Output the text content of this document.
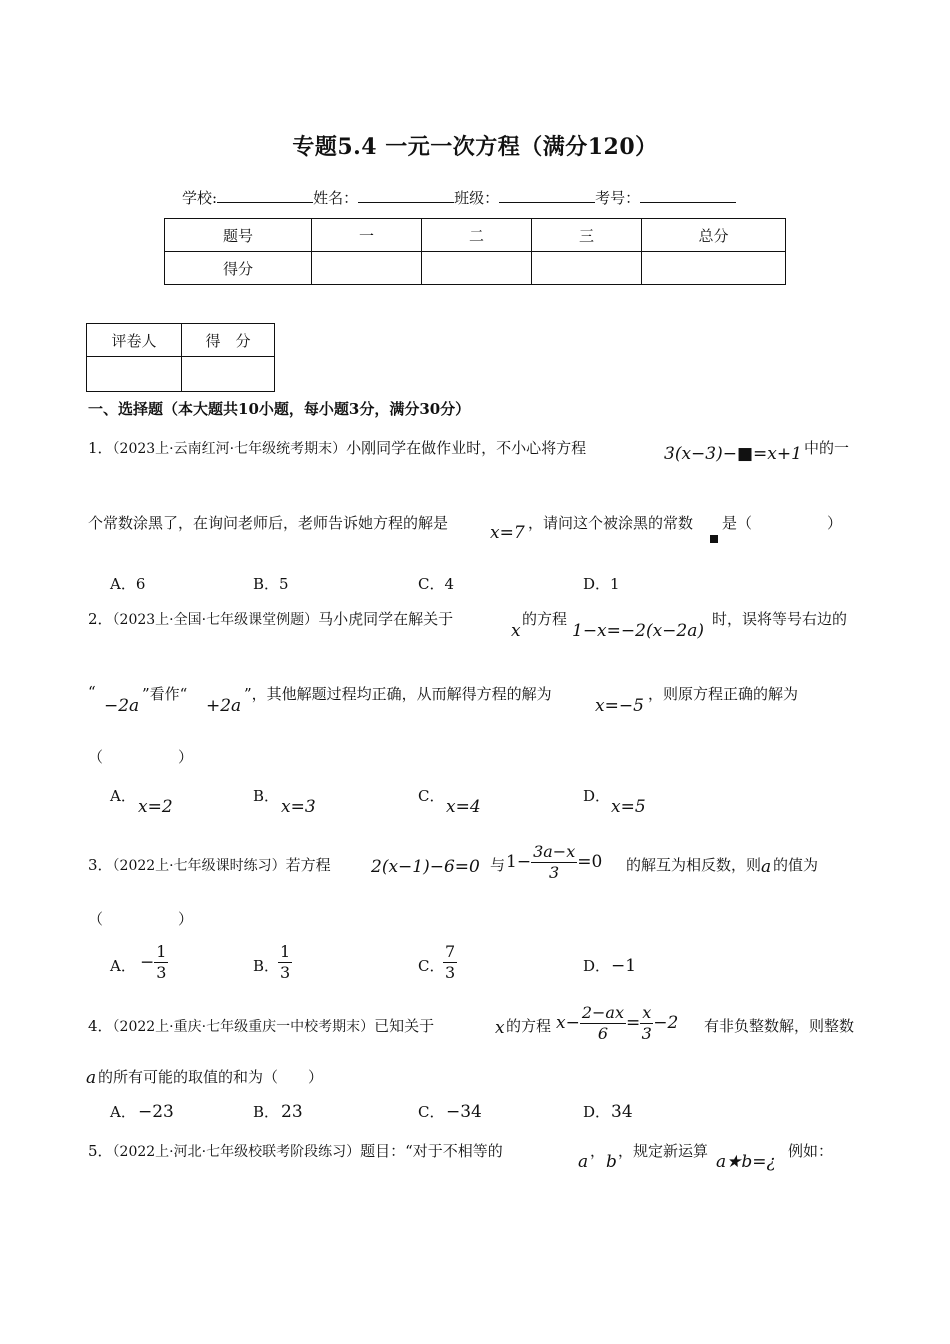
专题5.4 一元一次方程（满分120）
学校:	姓名：	班级：	考号：
题号	一	二	三	总分
得分				
评卷人	得　分

一、选择题（本大题共10小题，每小题3分，满分30分）
1．（2023上·云南红河·七年级统考期末）小刚同学在做作业时，不小心将方程	3(x−3)−■=x+1 中的一
个常数涂黑了，在询问老师后，老师告诉她方程的解是 x=7 ，请问这个被涂黑的常数 是（　　　　　）
A．6	B．5	C．4	D．1
2．（2023上·全国·七年级课堂例题）马小虎同学在解关于
x
的方程
1−x=−2(x−2a)
时，误将等号右边的
“
−2a
”看作“
+2a
”，其他解题过程均正确，从而解得方程的解为
x=−5
，则原方程正确的解为
（　　　　　）
A．
x=2
B．
x=3
C．
x=4
D．
x=5
3．（2022上·七年级课时练习）若方程 2(x−1)−6=0 与 $1- \frac{3a-x}{3} =0$ 的解互为相反数，则 a 的值为
（　　　　　）
A． − $\frac{1}{3}$	B．
$\frac{1}{3}$	C．
$\frac{7}{3}$	D． −1
4．（2022上·重庆·七年级重庆一中校考期末）已知关于	x 的方程 $x- \frac{2-ax}{6} = \frac{x}{3} -2$ 有非负整数解，则整数
a 的所有可能的取值的和为（　　）
A． −23	B． 23	C． −34	D． 34
5．（2022上·河北·七年级校联考阶段练习）题目：“对于不相等的
a
，
b
，规定新运算
a★b=¿
例如：
